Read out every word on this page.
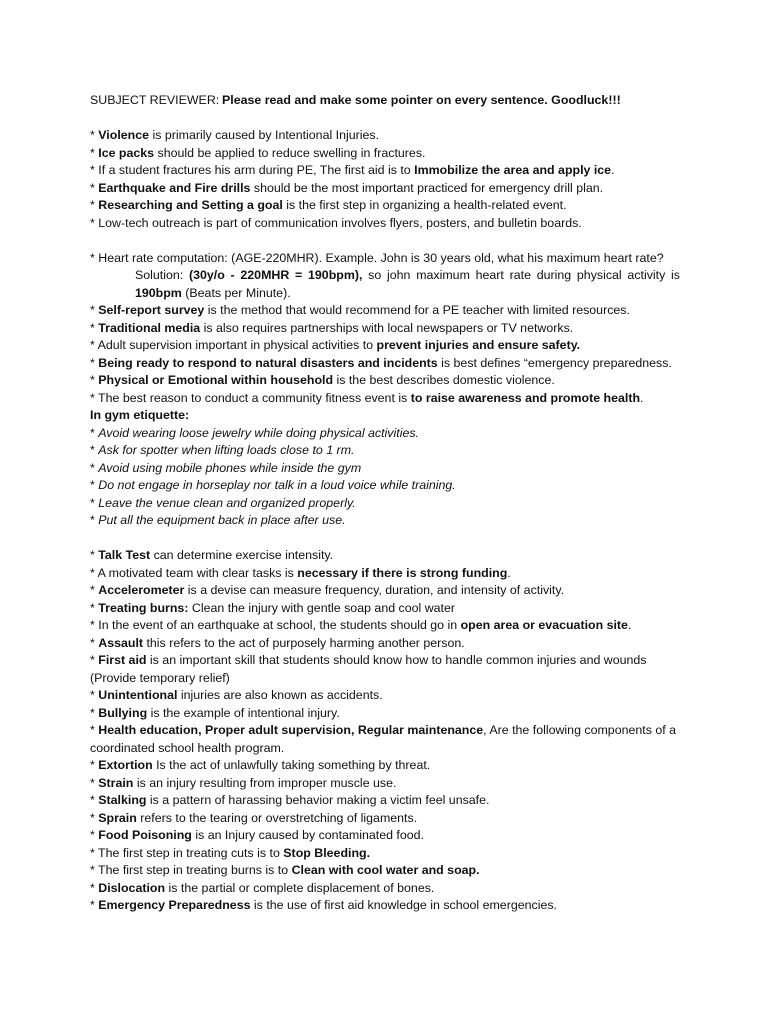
SUBJECT REVIEWER: Please read and make some pointer on every sentence. Goodluck!!!
* Violence is primarily caused by Intentional Injuries.
* Ice packs should be applied to reduce swelling in fractures.
* If a student fractures his arm during PE, The first aid is to Immobilize the area and apply ice.
* Earthquake and Fire drills should be the most important practiced for emergency drill plan.
* Researching and Setting a goal is the first step in organizing a health-related event.
* Low-tech outreach is part of communication involves flyers, posters, and bulletin boards.
* Heart rate computation: (AGE-220MHR). Example. John is 30 years old, what his maximum heart rate?
Solution: (30y/o - 220MHR = 190bpm), so john maximum heart rate during physical activity is
190bpm (Beats per Minute).
* Self-report survey is the method that would recommend for a PE teacher with limited resources.
* Traditional media is also requires partnerships with local newspapers or TV networks.
* Adult supervision important in physical activities to prevent injuries and ensure safety.
* Being ready to respond to natural disasters and incidents is best defines “emergency preparedness.
* Physical or Emotional within household is the best describes domestic violence.
* The best reason to conduct a community fitness event is to raise awareness and promote health.
In gym etiquette:
* Avoid wearing loose jewelry while doing physical activities.
* Ask for spotter when lifting loads close to 1 rm.
* Avoid using mobile phones while inside the gym
* Do not engage in horseplay nor talk in a loud voice while training.
* Leave the venue clean and organized properly.
* Put all the equipment back in place after use.
* Talk Test can determine exercise intensity.
* A motivated team with clear tasks is necessary if there is strong funding.
* Accelerometer is a devise can measure frequency, duration, and intensity of activity.
* Treating burns: Clean the injury with gentle soap and cool water
* In the event of an earthquake at school, the students should go in open area or evacuation site.
* Assault this refers to the act of purposely harming another person.
* First aid is an important skill that students should know how to handle common injuries and wounds (Provide temporary relief)
* Unintentional injuries are also known as accidents.
* Bullying is the example of intentional injury.
* Health education, Proper adult supervision, Regular maintenance, Are the following components of a coordinated school health program.
* Extortion Is the act of unlawfully taking something by threat.
* Strain is an injury resulting from improper muscle use.
* Stalking is a pattern of harassing behavior making a victim feel unsafe.
* Sprain refers to the tearing or overstretching of ligaments.
* Food Poisoning is an Injury caused by contaminated food.
* The first step in treating cuts is to Stop Bleeding.
* The first step in treating burns is to Clean with cool water and soap.
* Dislocation is the partial or complete displacement of bones.
* Emergency Preparedness is the use of first aid knowledge in school emergencies.
